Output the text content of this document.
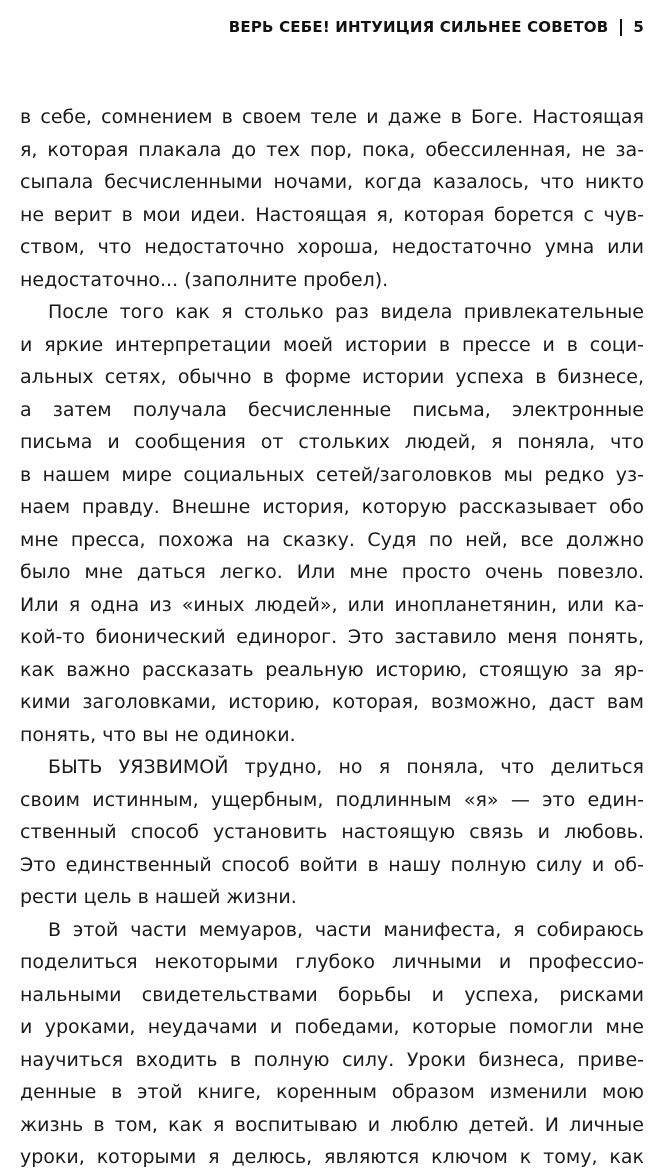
ВЕРЬ СЕБЕ! ИНТУИЦИЯ СИЛЬНЕЕ СОВЕТОВ 5
в себе, сомнением в своем теле и даже в Боге. Настоящая
я, которая плакала до тех пор, пока, обессиленная, не за-
сыпала бесчисленными ночами, когда казалось, что никто
не верит в мои идеи. Настоящая я, которая борется с чув-
ством, что недостаточно хороша, недостаточно умна или
недостаточно... (заполните пробел).
После того как я столько раз видела привлекательные
и яркие интерпретации моей истории в прессе и в соци-
альных сетях, обычно в форме истории успеха в бизнесе,
а затем получала бесчисленные письма, электронные
письма и сообщения от стольких людей, я поняла, что
в нашем мире социальных сетей/заголовков мы редко уз-
наем правду. Внешне история, которую рассказывает обо
мне пресса, похожа на сказку. Судя по ней, все должно
было мне даться легко. Или мне просто очень повезло.
Или я одна из «иных людей», или инопланетянин, или ка-
кой-то бионический единорог. Это заставило меня понять,
как важно рассказать реальную историю, стоящую за яр-
кими заголовками, историю, которая, возможно, даст вам
понять, что вы не одиноки.
БЫТЬ УЯЗВИМОЙ трудно, но я поняла, что делиться
своим истинным, ущербным, подлинным «я» — это един-
ственный способ установить настоящую связь и любовь.
Это единственный способ войти в нашу полную силу и об-
рести цель в нашей жизни.
В этой части мемуаров, части манифеста, я собираюсь
поделиться некоторыми глубоко личными и профессио-
нальными свидетельствами борьбы и успеха, рисками
и уроками, неудачами и победами, которые помогли мне
научиться входить в полную силу. Уроки бизнеса, приве-
денные в этой книге, коренным образом изменили мою
жизнь в том, как я воспитываю и люблю детей. И личные
уроки, которыми я делюсь, являются ключом к тому, как
